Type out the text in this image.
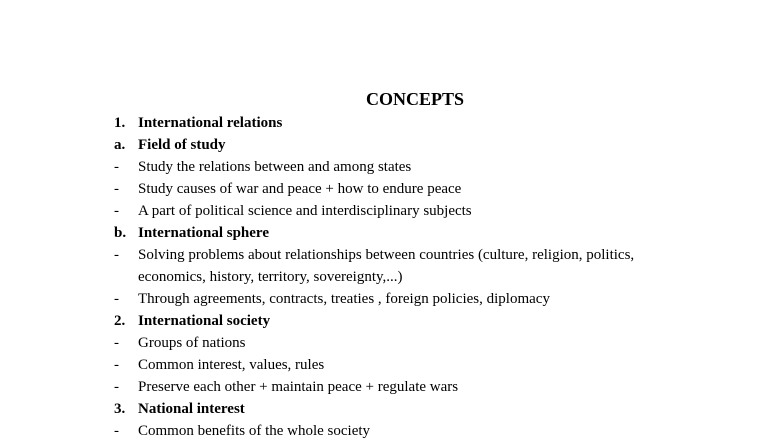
CONCEPTS
1. International relations
a. Field of study
-	Study the relations between and among states
-	Study causes of war and peace + how to endure peace
-	A part of political science and interdisciplinary subjects
b. International sphere
-	Solving problems about relationships between countries (culture, religion, politics,
economics, history, territory, sovereignty,...)
-	Through agreements, contracts, treaties , foreign policies, diplomacy
2. International society
-	Groups of nations
-	Common interest, values, rules
-	Preserve each other + maintain peace + regulate wars
3. National interest
-	Common benefits of the whole society
